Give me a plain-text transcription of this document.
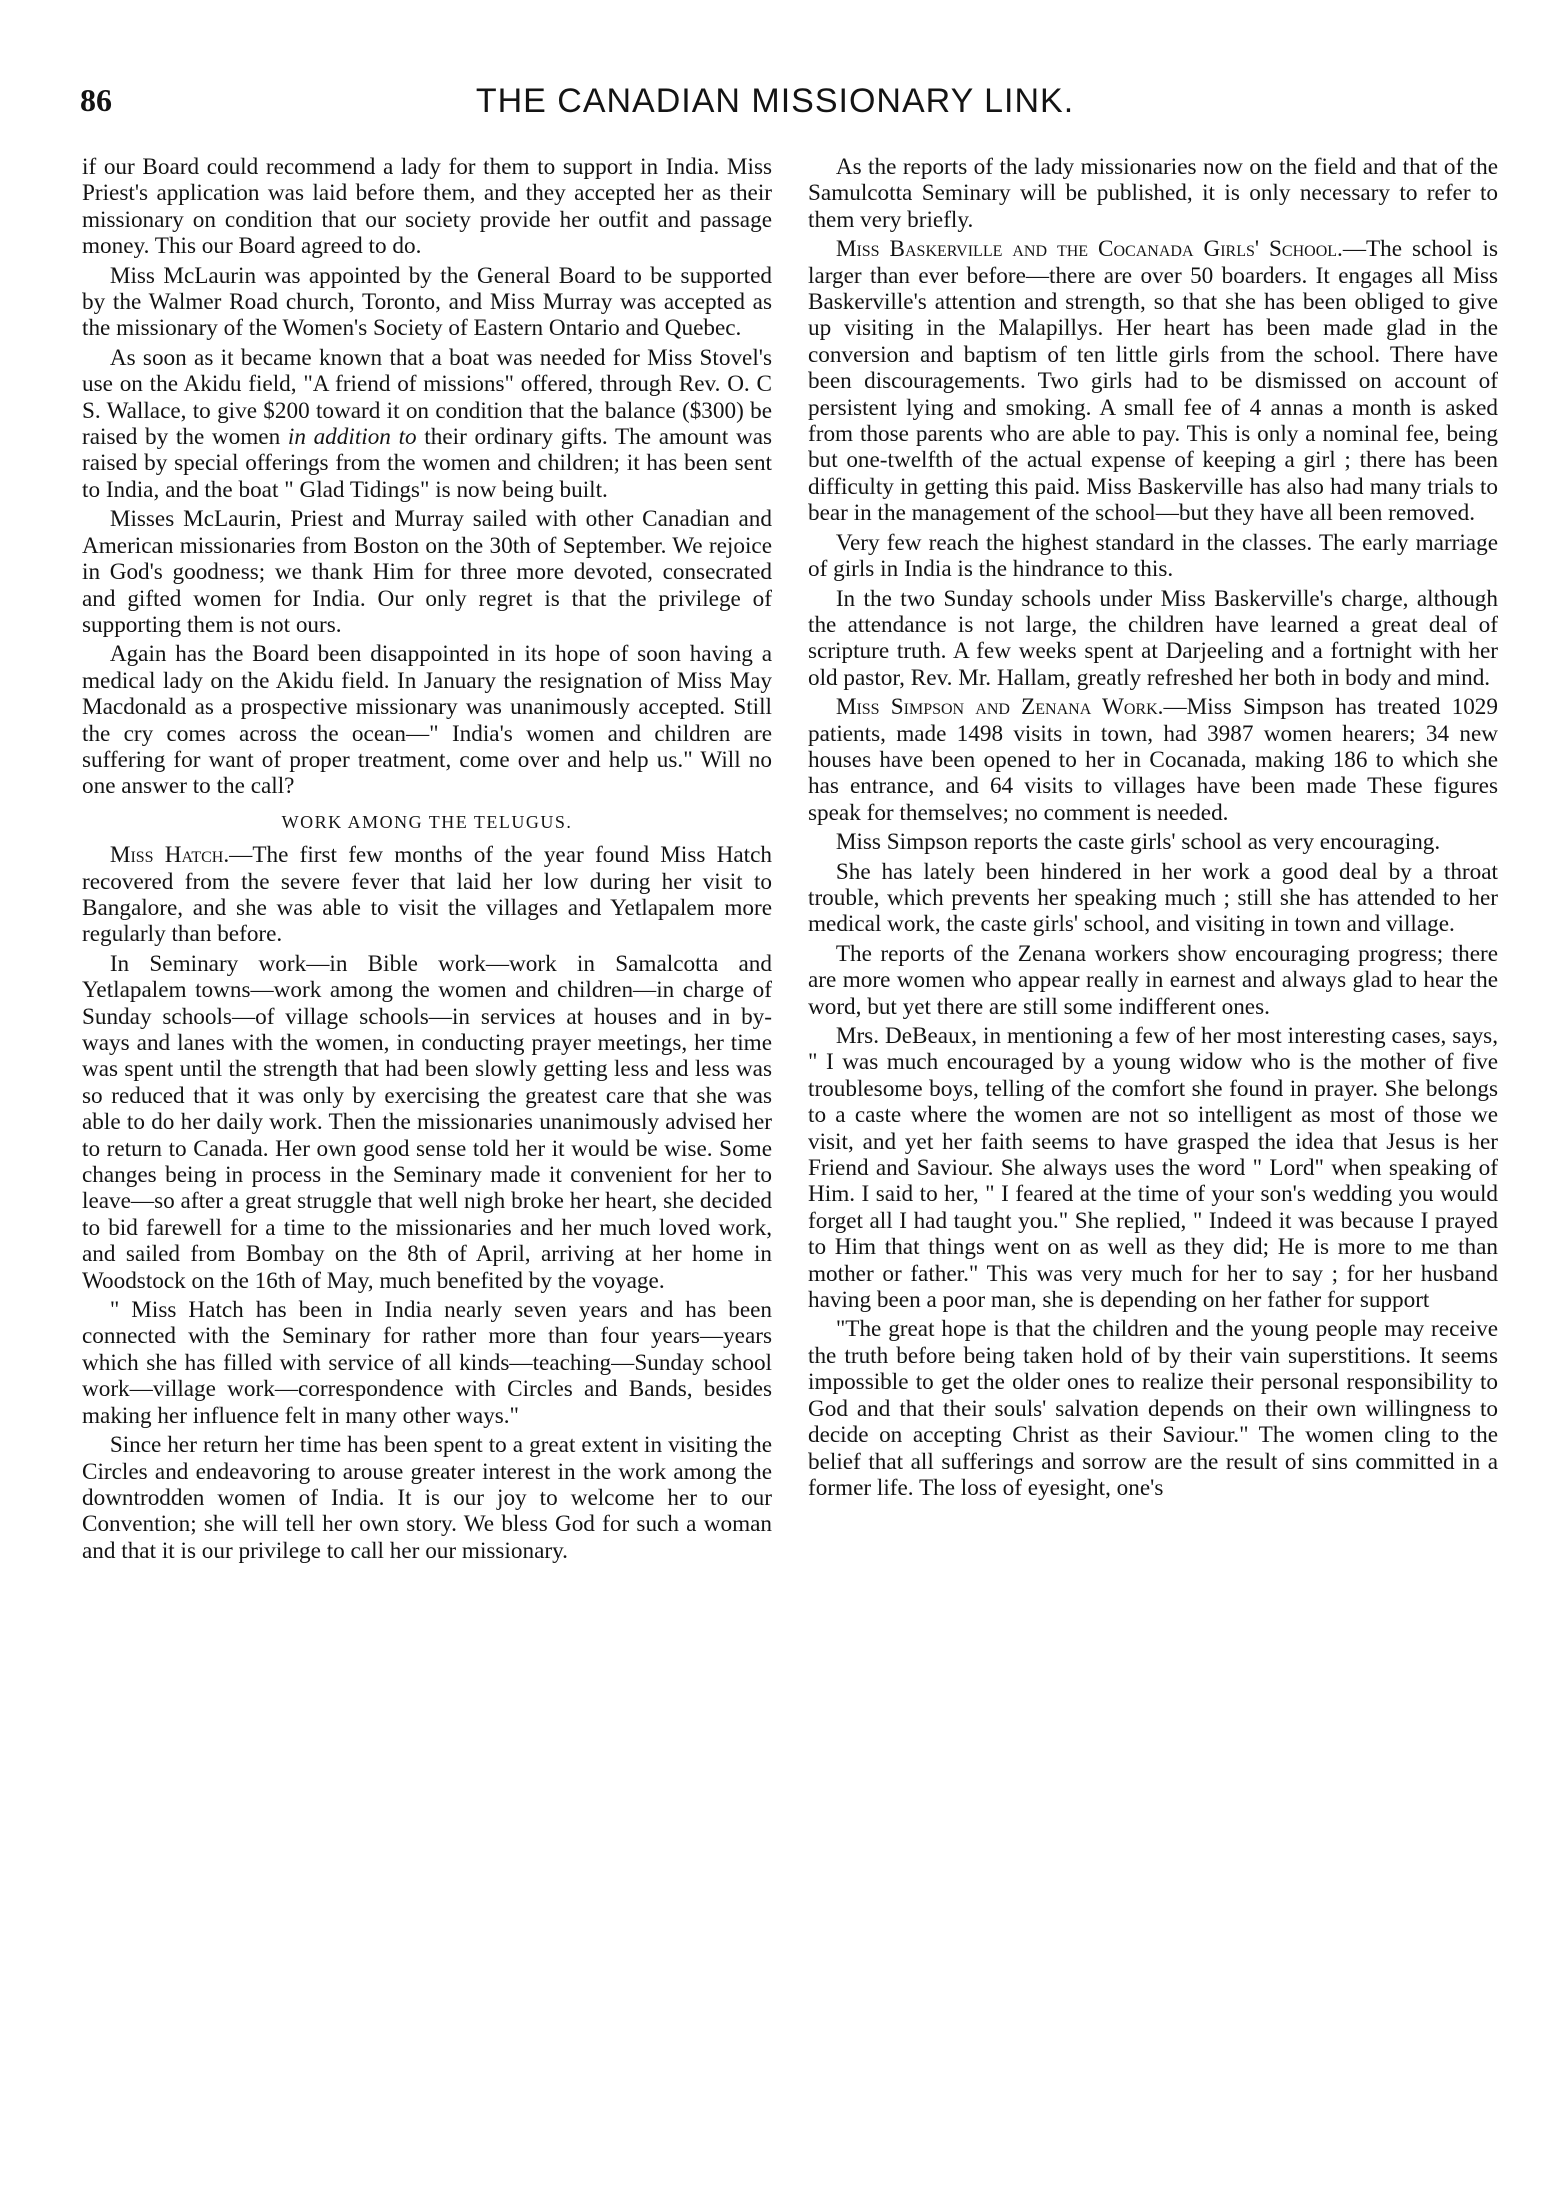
86	THE CANADIAN MISSIONARY LINK.

if our Board could recommend a lady for them to support in India. Miss Priest's application was laid before them, and they accepted her as their missionary on condition that our society provide her outfit and passage money. This our Board agreed to do.

Miss McLaurin was appointed by the General Board to be supported by the Walmer Road church, Toronto, and Miss Murray was accepted as the missionary of the Women's Society of Eastern Ontario and Quebec.

As soon as it became known that a boat was needed for Miss Stovel's use on the Akidu field, "A friend of missions" offered, through Rev. O. C S. Wallace, to give $200 toward it on condition that the balance ($300) be raised by the women in addition to their ordinary gifts. The amount was raised by special offerings from the women and children; it has been sent to India, and the boat " Glad Tidings" is now being built.

Misses McLaurin, Priest and Murray sailed with other Canadian and American missionaries from Boston on the 30th of September. We rejoice in God's goodness; we thank Him for three more devoted, consecrated and gifted women for India. Our only regret is that the privilege of supporting them is not ours.

Again has the Board been disappointed in its hope of soon having a medical lady on the Akidu field. In January the resignation of Miss May Macdonald as a prospective missionary was unanimously accepted. Still the cry comes across the ocean—" India's women and children are suffering for want of proper treatment, come over and help us." Will no one answer to the call?

WORK AMONG THE TELUGUS.

Miss Hatch.—The first few months of the year found Miss Hatch recovered from the severe fever that laid her low during her visit to Bangalore, and she was able to visit the villages and Yetlapalem more regularly than before.

In Seminary work—in Bible work—work in Samalcotta and Yetlapalem towns—work among the women and children—in charge of Sunday schools—of village schools—in services at houses and in by-ways and lanes with the women, in conducting prayer meetings, her time was spent until the strength that had been slowly getting less and less was so reduced that it was only by exercising the greatest care that she was able to do her daily work. Then the missionaries unanimously advised her to return to Canada. Her own good sense told her it would be wise. Some changes being in process in the Seminary made it convenient for her to leave—so after a great struggle that well nigh broke her heart, she decided to bid farewell for a time to the missionaries and her much loved work, and sailed from Bombay on the 8th of April, arriving at her home in Woodstock on the 16th of May, much benefited by the voyage.

" Miss Hatch has been in India nearly seven years and has been connected with the Seminary for rather more than four years—years which she has filled with service of all kinds—teaching—Sunday school work—village work—correspondence with Circles and Bands, besides making her influence felt in many other ways."

Since her return her time has been spent to a great extent in visiting the Circles and endeavoring to arouse greater interest in the work among the downtrodden women of India. It is our joy to welcome her to our Convention; she will tell her own story. We bless God for such a woman and that it is our privilege to call her our missionary.

As the reports of the lady missionaries now on the field and that of the Samulcotta Seminary will be published, it is only necessary to refer to them very briefly.

Miss Baskerville and the Cocanada Girls' School.—The school is larger than ever before—there are over 50 boarders. It engages all Miss Baskerville's attention and strength, so that she has been obliged to give up visiting in the Malapillys. Her heart has been made glad in the conversion and baptism of ten little girls from the school. There have been discouragements. Two girls had to be dismissed on account of persistent lying and smoking. A small fee of 4 annas a month is asked from those parents who are able to pay. This is only a nominal fee, being but one-twelfth of the actual expense of keeping a girl ; there has been difficulty in getting this paid. Miss Baskerville has also had many trials to bear in the management of the school—but they have all been removed.

Very few reach the highest standard in the classes. The early marriage of girls in India is the hindrance to this.

In the two Sunday schools under Miss Baskerville's charge, although the attendance is not large, the children have learned a great deal of scripture truth. A few weeks spent at Darjeeling and a fortnight with her old pastor, Rev. Mr. Hallam, greatly refreshed her both in body and mind.

Miss Simpson and Zenana Work.—Miss Simpson has treated 1029 patients, made 1498 visits in town, had 3987 women hearers; 34 new houses have been opened to her in Cocanada, making 186 to which she has entrance, and 64 visits to villages have been made These figures speak for themselves; no comment is needed.

Miss Simpson reports the caste girls' school as very encouraging.

She has lately been hindered in her work a good deal by a throat trouble, which prevents her speaking much ; still she has attended to her medical work, the caste girls' school, and visiting in town and village.

The reports of the Zenana workers show encouraging progress; there are more women who appear really in earnest and always glad to hear the word, but yet there are still some indifferent ones.

Mrs. DeBeaux, in mentioning a few of her most interesting cases, says, " I was much encouraged by a young widow who is the mother of five troublesome boys, telling of the comfort she found in prayer. She belongs to a caste where the women are not so intelligent as most of those we visit, and yet her faith seems to have grasped the idea that Jesus is her Friend and Saviour. She always uses the word " Lord" when speaking of Him. I said to her, " I feared at the time of your son's wedding you would forget all I had taught you." She replied, " Indeed it was because I prayed to Him that things went on as well as they did; He is more to me than mother or father." This was very much for her to say ; for her husband having been a poor man, she is depending on her father for support

"The great hope is that the children and the young people may receive the truth before being taken hold of by their vain superstitions. It seems impossible to get the older ones to realize their personal responsibility to God and that their souls' salvation depends on their own willingness to decide on accepting Christ as their Saviour." The women cling to the belief that all sufferings and sorrow are the result of sins committed in a former life. The loss of eyesight, one's
